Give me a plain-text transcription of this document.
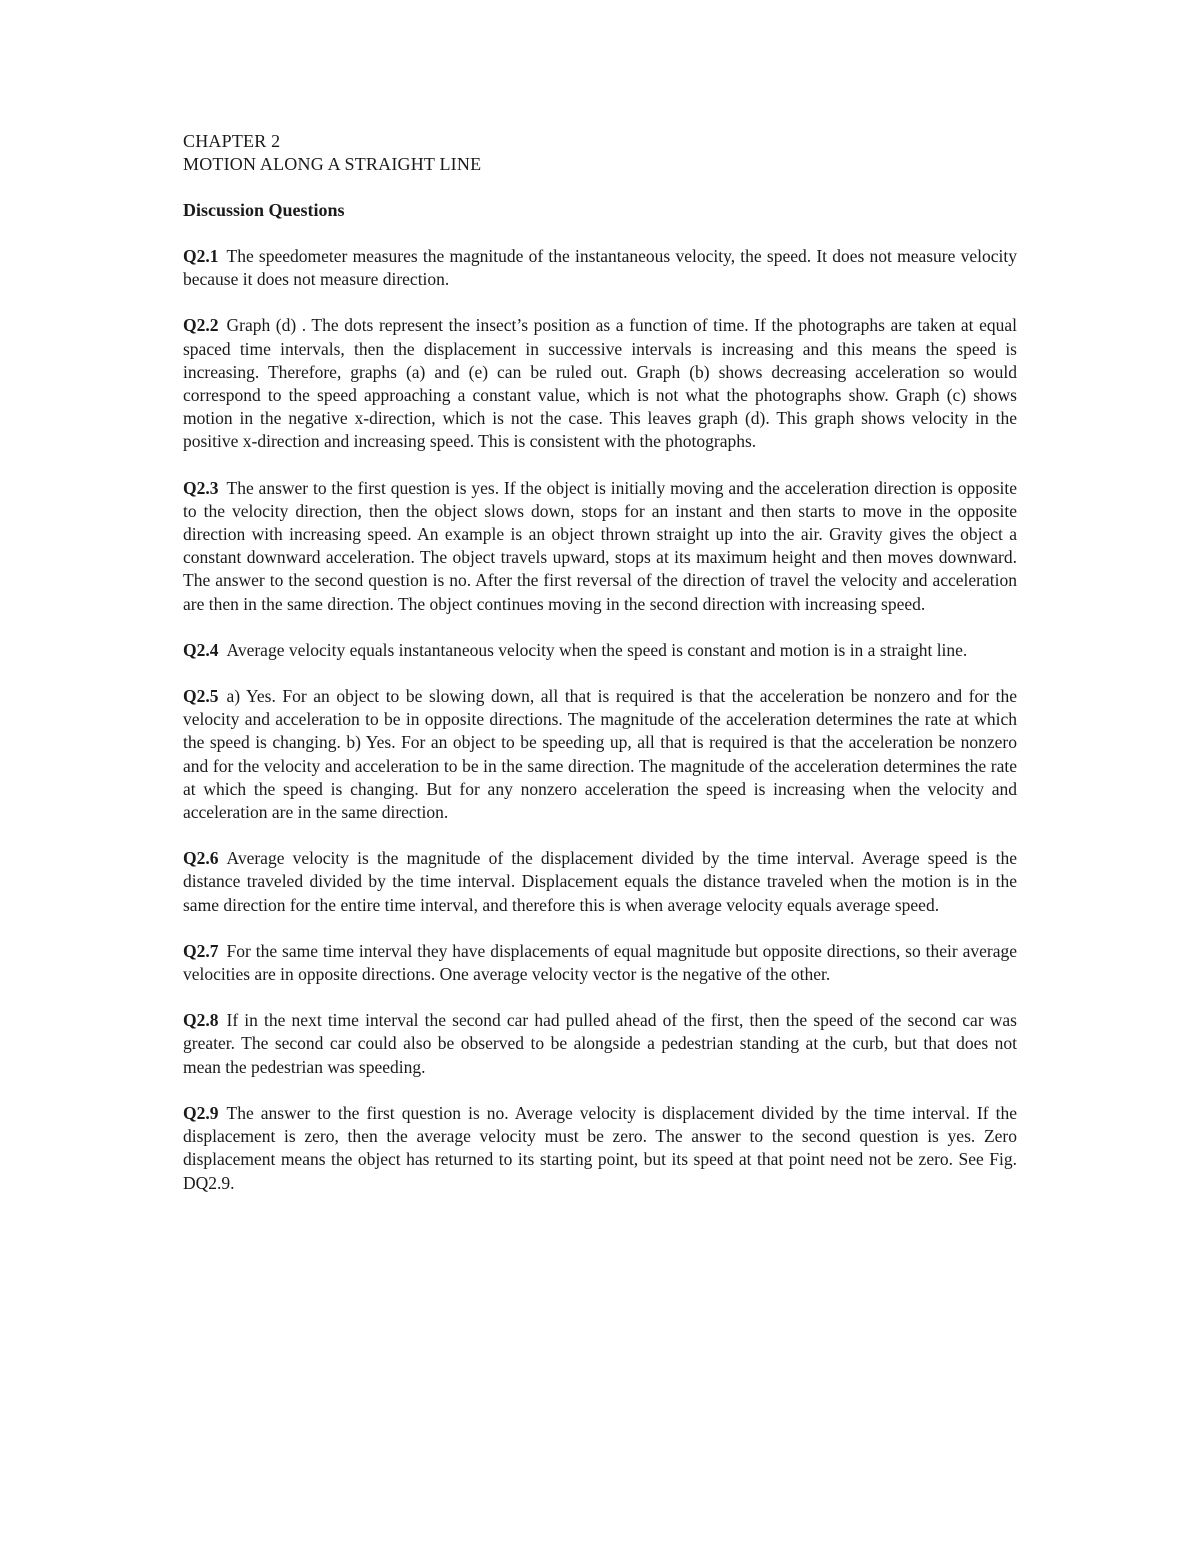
CHAPTER 2

MOTION ALONG A STRAIGHT LINE

Discussion Questions

Q2.1 The speedometer measures the magnitude of the instantaneous velocity, the speed. It does not measure velocity because it does not measure direction.

Q2.2 Graph (d) . The dots represent the insect’s position as a function of time. If the photographs are taken at equal spaced time intervals, then the displacement in successive intervals is increasing and this means the speed is increasing. Therefore, graphs (a) and (e) can be ruled out. Graph (b) shows decreasing acceleration so would correspond to the speed approaching a constant value, which is not what the photographs show. Graph (c) shows motion in the negative x-direction, which is not the case. This leaves graph (d). This graph shows velocity in the positive x-direction and increasing speed. This is consistent with the photographs.

Q2.3 The answer to the first question is yes. If the object is initially moving and the acceleration direction is opposite to the velocity direction, then the object slows down, stops for an instant and then starts to move in the opposite direction with increasing speed. An example is an object thrown straight up into the air. Gravity gives the object a constant downward acceleration. The object travels upward, stops at its maximum height and then moves downward. The answer to the second question is no. After the first reversal of the direction of travel the velocity and acceleration are then in the same direction. The object continues moving in the second direction with increasing speed.

Q2.4 Average velocity equals instantaneous velocity when the speed is constant and motion is in a straight line.

Q2.5 a) Yes. For an object to be slowing down, all that is required is that the acceleration be nonzero and for the velocity and acceleration to be in opposite directions. The magnitude of the acceleration determines the rate at which the speed is changing. b) Yes. For an object to be speeding up, all that is required is that the acceleration be nonzero and for the velocity and acceleration to be in the same direction. The magnitude of the acceleration determines the rate at which the speed is changing. But for any nonzero acceleration the speed is increasing when the velocity and acceleration are in the same direction.

Q2.6 Average velocity is the magnitude of the displacement divided by the time interval. Average speed is the distance traveled divided by the time interval. Displacement equals the distance traveled when the motion is in the same direction for the entire time interval, and therefore this is when average velocity equals average speed.

Q2.7 For the same time interval they have displacements of equal magnitude but opposite directions, so their average velocities are in opposite directions. One average velocity vector is the negative of the other.

Q2.8 If in the next time interval the second car had pulled ahead of the first, then the speed of the second car was greater. The second car could also be observed to be alongside a pedestrian standing at the curb, but that does not mean the pedestrian was speeding.

Q2.9 The answer to the first question is no. Average velocity is displacement divided by the time interval. If the displacement is zero, then the average velocity must be zero. The answer to the second question is yes. Zero displacement means the object has returned to its starting point, but its speed at that point need not be zero. See Fig. DQ2.9.
